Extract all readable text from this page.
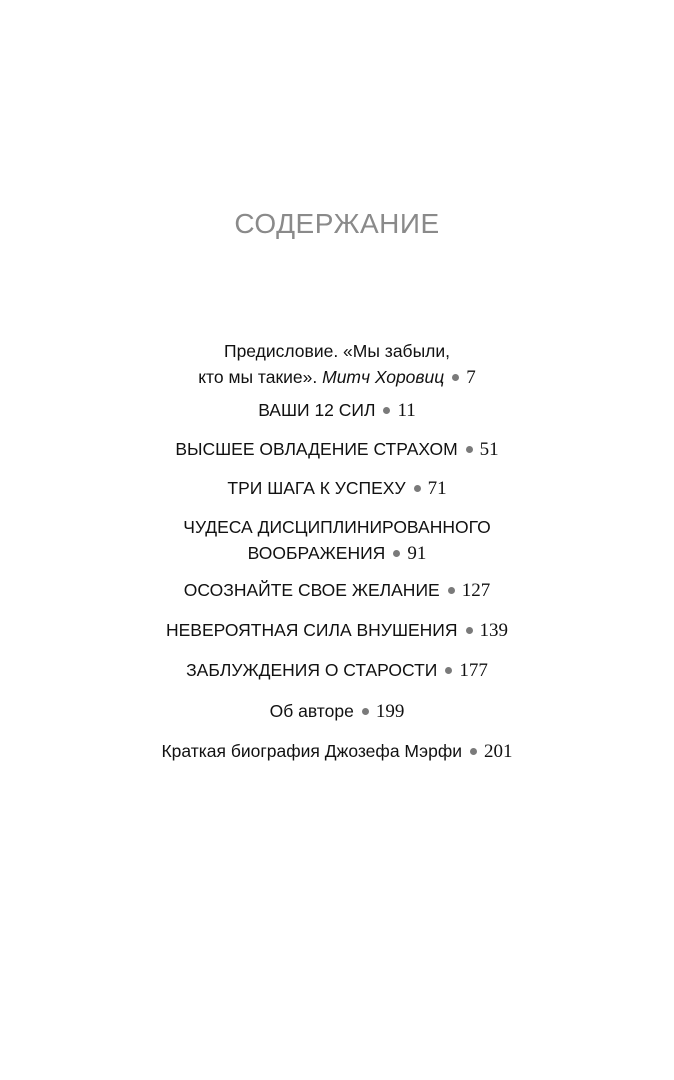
СОДЕРЖАНИЕ
Предисловие. «Мы забыли,
кто мы такие». Митч Хоровиц 7
ВАШИ 12 СИЛ 11
ВЫСШЕЕ ОВЛАДЕНИЕ СТРАХОМ 51
ТРИ ШАГА К УСПЕХУ 71
ЧУДЕСА ДИСЦИПЛИНИРОВАННОГО
ВООБРАЖЕНИЯ 91
ОСОЗНАЙТЕ СВОЕ ЖЕЛАНИЕ 127
НЕВЕРОЯТНАЯ СИЛА ВНУШЕНИЯ 139
ЗАБЛУЖДЕНИЯ О СТАРОСТИ 177
Об авторе 199
Краткая биография Джозефа Мэрфи 201
